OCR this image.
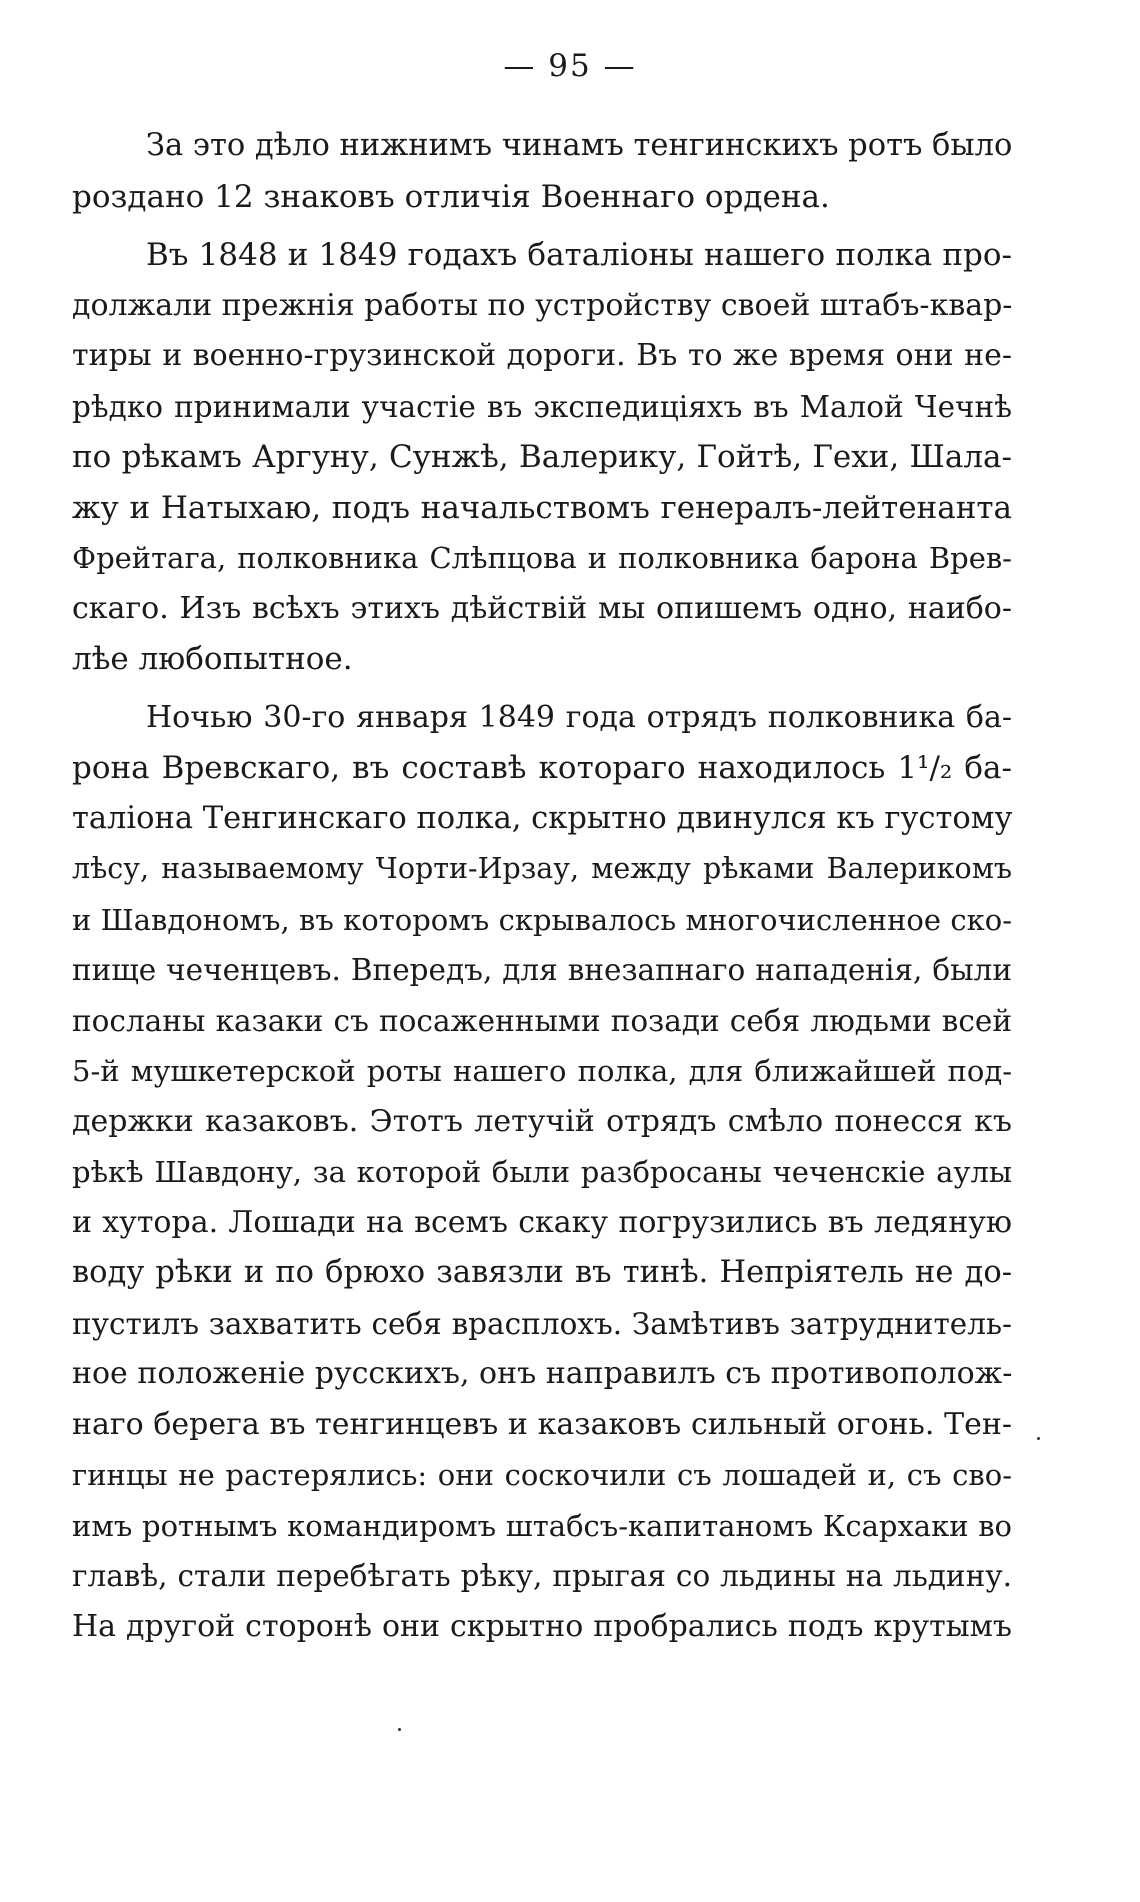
— 95 —
За это дѣло нижнимъ чинамъ тенгинскихъ ротъ было
роздано 12 знаковъ отличія Военнаго ордена.
Въ 1848 и 1849 годахъ баталіоны нашего полка про-
должали прежнія работы по устройству своей штабъ-квар-
тиры и военно-грузинской дороги. Въ то же время они не-
рѣдко принимали участіе въ экспедиціяхъ въ Малой Чечнѣ
по рѣкамъ Аргуну, Сунжѣ, Валерику, Гойтѣ, Гехи, Шала-
жу и Натыхаю, подъ начальствомъ генералъ-лейтенанта
Фрейтага, полковника Слѣпцова и полковника барона Врев-
скаго. Изъ всѣхъ этихъ дѣйствій мы опишемъ одно, наибо-
лѣе любопытное.
Ночью 30-го января 1849 года отрядъ полковника ба-
рона Вревскаго, въ составѣ котораго находилось 1¹/₂ ба-
таліона Тенгинскаго полка, скрытно двинулся къ густому
лѣсу, называемому Чорти-Ирзау, между рѣками Валерикомъ
и Шавдономъ, въ которомъ скрывалось многочисленное ско-
пище чеченцевъ. Впередъ, для внезапнаго нападенія, были
посланы казаки съ посаженными позади себя людьми всей
5-й мушкетерской роты нашего полка, для ближайшей под-
держки казаковъ. Этотъ летучій отрядъ смѣло понесся къ
рѣкѣ Шавдону, за которой были разбросаны чеченскіе аулы
и хутора. Лошади на всемъ скаку погрузились въ ледяную
воду рѣки и по брюхо завязли въ тинѣ. Непріятель не до-
пустилъ захватить себя врасплохъ. Замѣтивъ затруднитель-
ное положеніе русскихъ, онъ направилъ съ противополож-
наго берега въ тенгинцевъ и казаковъ сильный огонь. Тен-
гинцы не растерялись: они соскочили съ лошадей и, съ сво-
имъ ротнымъ командиромъ штабсъ-капитаномъ Ксархаки во
главѣ, стали перебѣгать рѣку, прыгая со льдины на льдину.
На другой сторонѣ они скрытно пробрались подъ крутымъ
